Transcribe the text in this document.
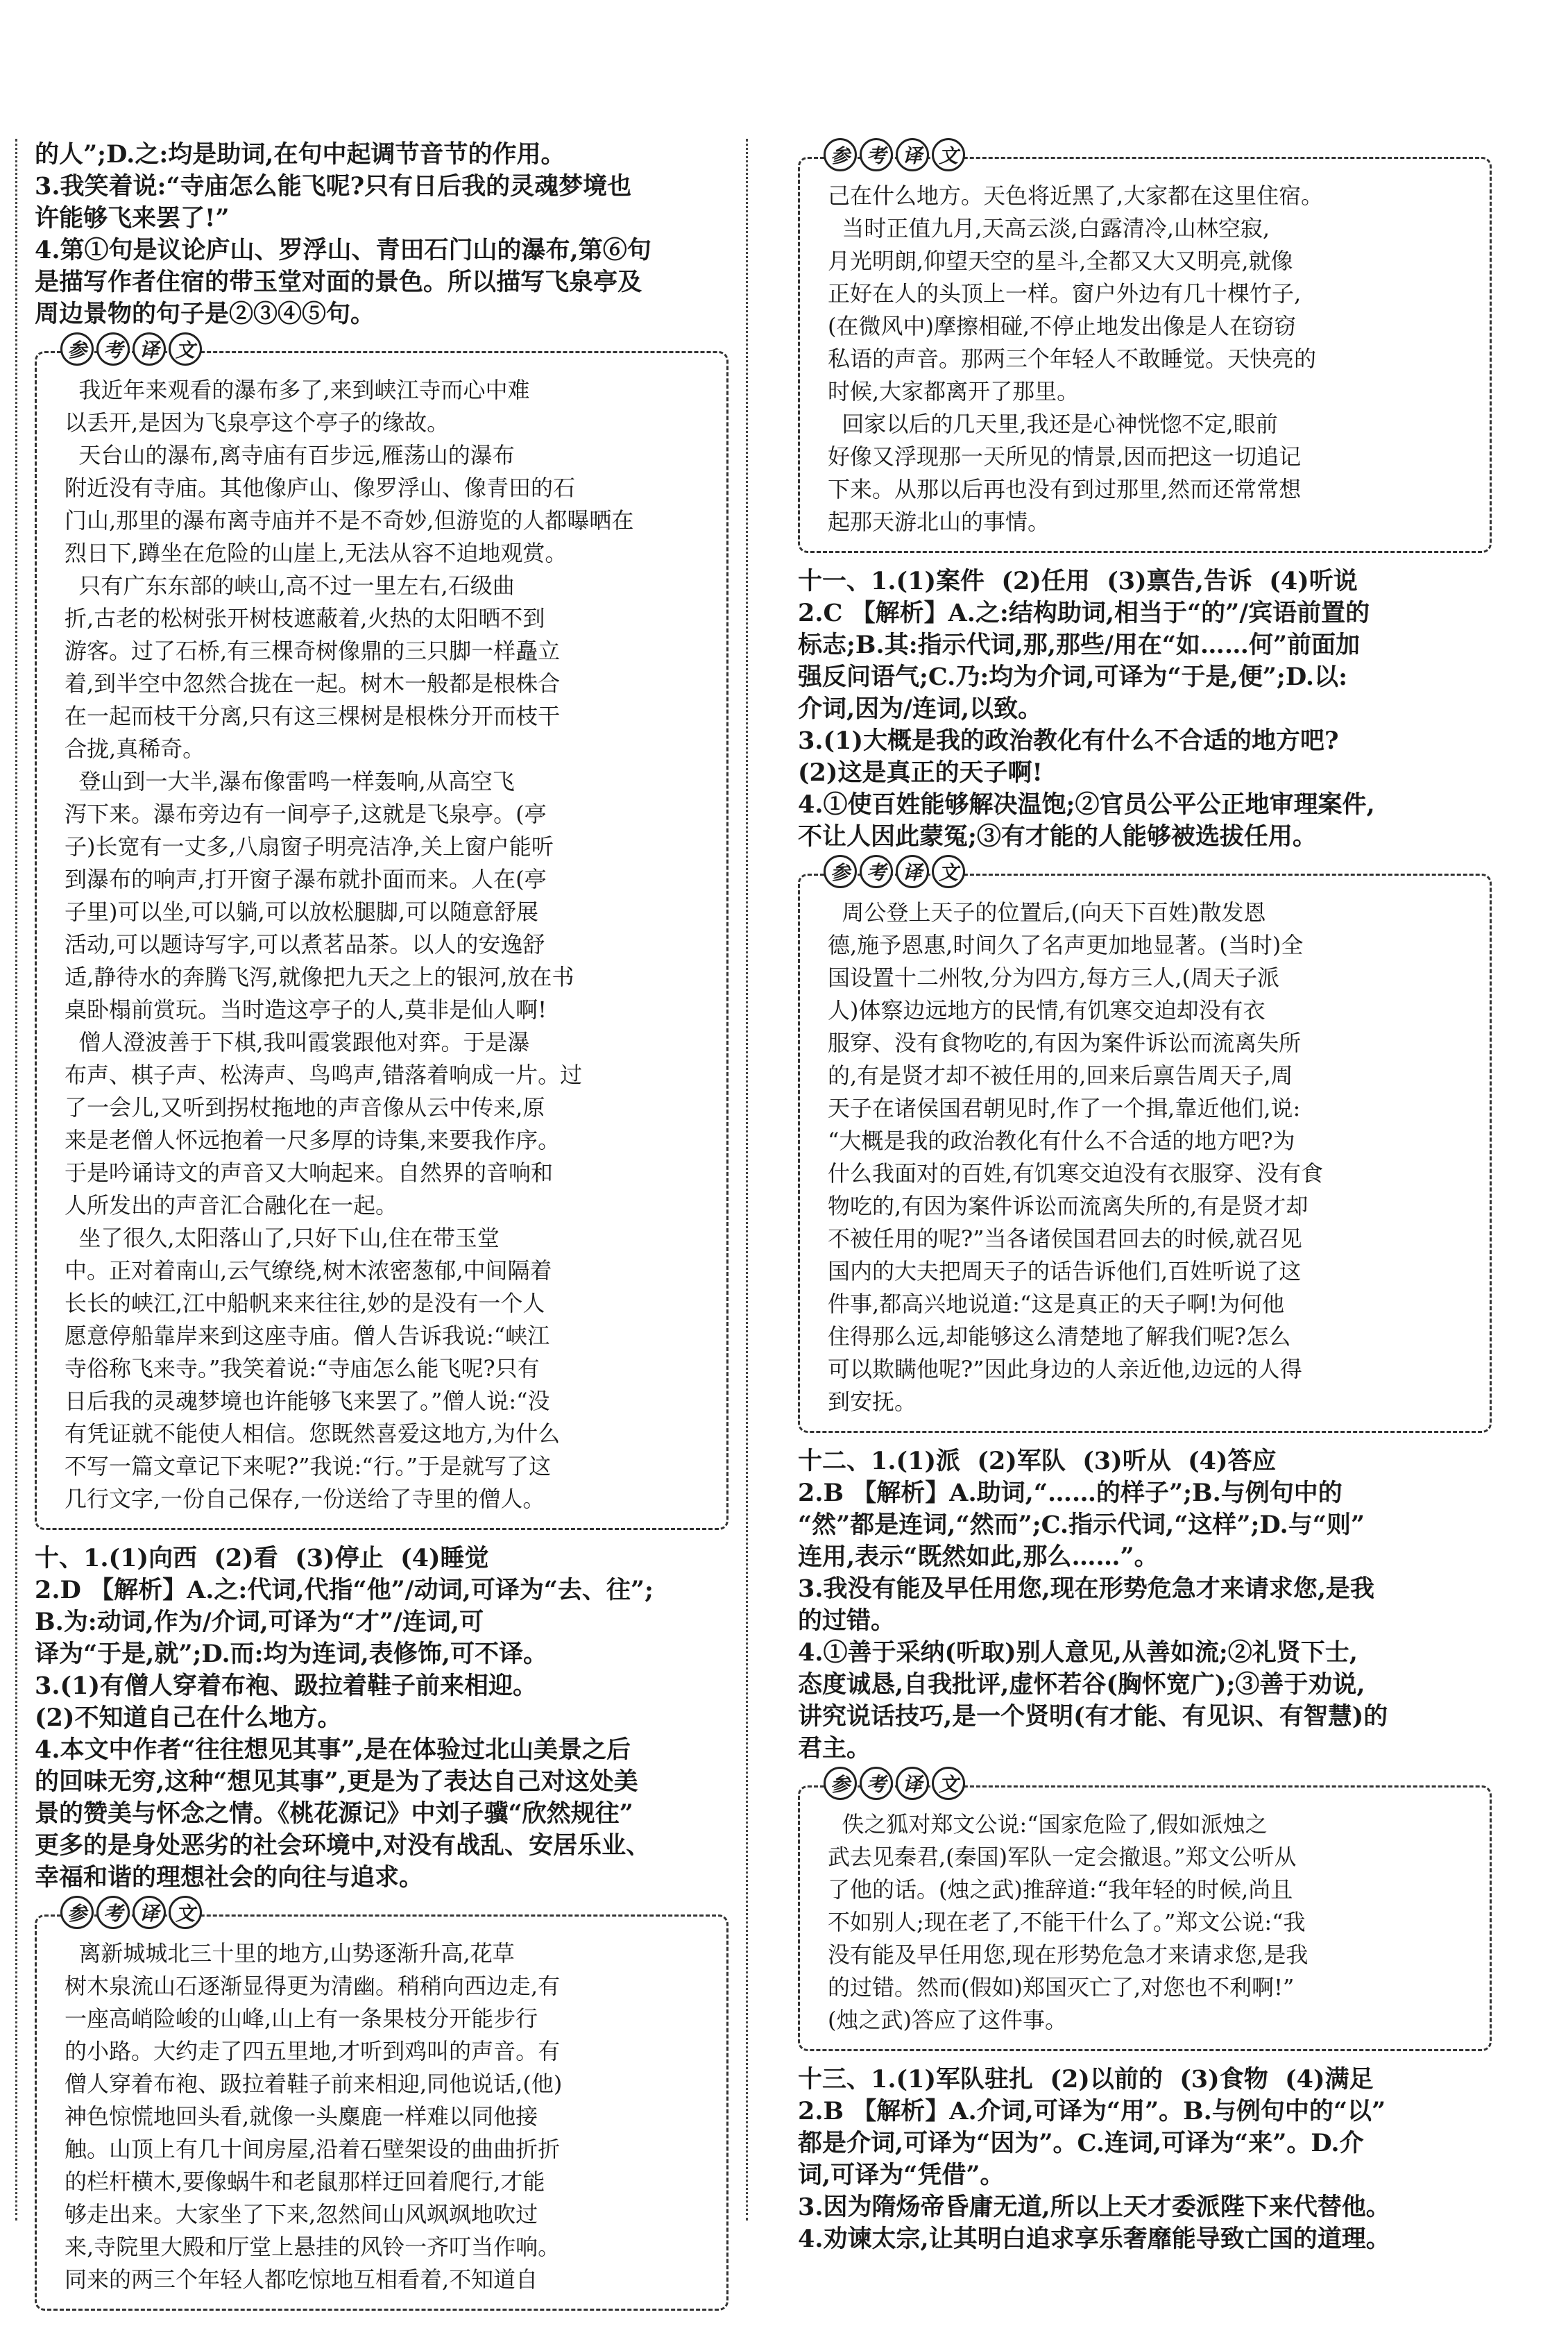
的人”;D.之:均是助词,在句中起调节音节的作用。
3.我笑着说:“寺庙怎么能飞呢?只有日后我的灵魂梦境也
许能够飞来罢了!”
4.第①句是议论庐山、罗浮山、青田石门山的瀑布,第⑥句
是描写作者住宿的带玉堂对面的景色。所以描写飞泉亭及
周边景物的句子是②③④⑤句。
参 考 译 文
我近年来观看的瀑布多了,来到峡江寺而心中难
以丢开,是因为飞泉亭这个亭子的缘故。
天台山的瀑布,离寺庙有百步远,雁荡山的瀑布
附近没有寺庙。其他像庐山、像罗浮山、像青田的石
门山,那里的瀑布离寺庙并不是不奇妙,但游览的人都曝晒在
烈日下,蹲坐在危险的山崖上,无法从容不迫地观赏。
只有广东东部的峡山,高不过一里左右,石级曲
折,古老的松树张开树枝遮蔽着,火热的太阳晒不到
游客。过了石桥,有三棵奇树像鼎的三只脚一样矗立
着,到半空中忽然合拢在一起。树木一般都是根株合
在一起而枝干分离,只有这三棵树是根株分开而枝干
合拢,真稀奇。
登山到一大半,瀑布像雷鸣一样轰响,从高空飞
泻下来。瀑布旁边有一间亭子,这就是飞泉亭。(亭
子)长宽有一丈多,八扇窗子明亮洁净,关上窗户能听
到瀑布的响声,打开窗子瀑布就扑面而来。人在(亭
子里)可以坐,可以躺,可以放松腿脚,可以随意舒展
活动,可以题诗写字,可以煮茗品茶。以人的安逸舒
适,静待水的奔腾飞泻,就像把九天之上的银河,放在书
桌卧榻前赏玩。当时造这亭子的人,莫非是仙人啊!
僧人澄波善于下棋,我叫霞裳跟他对弈。于是瀑
布声、棋子声、松涛声、鸟鸣声,错落着响成一片。过
了一会儿,又听到拐杖拖地的声音像从云中传来,原
来是老僧人怀远抱着一尺多厚的诗集,来要我作序。
于是吟诵诗文的声音又大响起来。自然界的音响和
人所发出的声音汇合融化在一起。
坐了很久,太阳落山了,只好下山,住在带玉堂
中。正对着南山,云气缭绕,树木浓密葱郁,中间隔着
长长的峡江,江中船帆来来往往,妙的是没有一个人
愿意停船靠岸来到这座寺庙。僧人告诉我说:“峡江
寺俗称飞来寺。”我笑着说:“寺庙怎么能飞呢?只有
日后我的灵魂梦境也许能够飞来罢了。”僧人说:“没
有凭证就不能使人相信。您既然喜爱这地方,为什么
不写一篇文章记下来呢?”我说:“行。”于是就写了这
几行文字,一份自己保存,一份送给了寺里的僧人。
十、1.(1)向西  (2)看  (3)停止  (4)睡觉
2.D 【解析】A.之:代词,代指“他”/动词,可译为“去、往”;
B.为:动词,作为/介词,可译为“才”/连词,可
译为“于是,就”;D.而:均为连词,表修饰,可不译。
3.(1)有僧人穿着布袍、趿拉着鞋子前来相迎。
(2)不知道自己在什么地方。
4.本文中作者“往往想见其事”,是在体验过北山美景之后
的回味无穷,这种“想见其事”,更是为了表达自己对这处美
景的赞美与怀念之情。《桃花源记》中刘子骥“欣然规往”
更多的是身处恶劣的社会环境中,对没有战乱、安居乐业、
幸福和谐的理想社会的向往与追求。
参 考 译 文
离新城城北三十里的地方,山势逐渐升高,花草
树木泉流山石逐渐显得更为清幽。稍稍向西边走,有
一座高峭险峻的山峰,山上有一条果枝分开能步行
的小路。大约走了四五里地,才听到鸡叫的声音。有
僧人穿着布袍、趿拉着鞋子前来相迎,同他说话,(他)
神色惊慌地回头看,就像一头麋鹿一样难以同他接
触。山顶上有几十间房屋,沿着石壁架设的曲曲折折
的栏杆横木,要像蜗牛和老鼠那样迂回着爬行,才能
够走出来。大家坐了下来,忽然间山风飒飒地吹过
来,寺院里大殿和厅堂上悬挂的风铃一齐叮当作响。
同来的两三个年轻人都吃惊地互相看着,不知道自
参 考 译 文
己在什么地方。天色将近黑了,大家都在这里住宿。
当时正值九月,天高云淡,白露清冷,山林空寂,
月光明朗,仰望天空的星斗,全都又大又明亮,就像
正好在人的头顶上一样。窗户外边有几十棵竹子,
(在微风中)摩擦相碰,不停止地发出像是人在窃窃
私语的声音。那两三个年轻人不敢睡觉。天快亮的
时候,大家都离开了那里。
回家以后的几天里,我还是心神恍惚不定,眼前
好像又浮现那一天所见的情景,因而把这一切追记
下来。从那以后再也没有到过那里,然而还常常想
起那天游北山的事情。
十一、1.(1)案件  (2)任用  (3)禀告,告诉  (4)听说
2.C 【解析】A.之:结构助词,相当于“的”/宾语前置的
标志;B.其:指示代词,那,那些/用在“如……何”前面加
强反问语气;C.乃:均为介词,可译为“于是,便”;D.以:
介词,因为/连词,以致。
3.(1)大概是我的政治教化有什么不合适的地方吧?
(2)这是真正的天子啊!
4.①使百姓能够解决温饱;②官员公平公正地审理案件,
不让人因此蒙冤;③有才能的人能够被选拔任用。
参 考 译 文
周公登上天子的位置后,(向天下百姓)散发恩
德,施予恩惠,时间久了名声更加地显著。(当时)全
国设置十二州牧,分为四方,每方三人,(周天子派
人)体察边远地方的民情,有饥寒交迫却没有衣
服穿、没有食物吃的,有因为案件诉讼而流离失所
的,有是贤才却不被任用的,回来后禀告周天子,周
天子在诸侯国君朝见时,作了一个揖,靠近他们,说:
“大概是我的政治教化有什么不合适的地方吧?为
什么我面对的百姓,有饥寒交迫没有衣服穿、没有食
物吃的,有因为案件诉讼而流离失所的,有是贤才却
不被任用的呢?”当各诸侯国君回去的时候,就召见
国内的大夫把周天子的话告诉他们,百姓听说了这
件事,都高兴地说道:“这是真正的天子啊!为何他
住得那么远,却能够这么清楚地了解我们呢?怎么
可以欺瞒他呢?”因此身边的人亲近他,边远的人得
到安抚。
十二、1.(1)派  (2)军队  (3)听从  (4)答应
2.B 【解析】A.助词,“……的样子”;B.与例句中的
“然”都是连词,“然而”;C.指示代词,“这样”;D.与“则”
连用,表示“既然如此,那么……”。
3.我没有能及早任用您,现在形势危急才来请求您,是我
的过错。
4.①善于采纳(听取)别人意见,从善如流;②礼贤下士,
态度诚恳,自我批评,虚怀若谷(胸怀宽广);③善于劝说,
讲究说话技巧,是一个贤明(有才能、有见识、有智慧)的
君主。
参 考 译 文
佚之狐对郑文公说:“国家危险了,假如派烛之
武去见秦君,(秦国)军队一定会撤退。”郑文公听从
了他的话。(烛之武)推辞道:“我年轻的时候,尚且
不如别人;现在老了,不能干什么了。”郑文公说:“我
没有能及早任用您,现在形势危急才来请求您,是我
的过错。然而(假如)郑国灭亡了,对您也不利啊!”
(烛之武)答应了这件事。
十三、1.(1)军队驻扎  (2)以前的  (3)食物  (4)满足
2.B 【解析】A.介词,可译为“用”。B.与例句中的“以”
都是介词,可译为“因为”。C.连词,可译为“来”。D.介
词,可译为“凭借”。
3.因为隋炀帝昏庸无道,所以上天才委派陛下来代替他。
4.劝谏太宗,让其明白追求享乐奢靡能导致亡国的道理。
